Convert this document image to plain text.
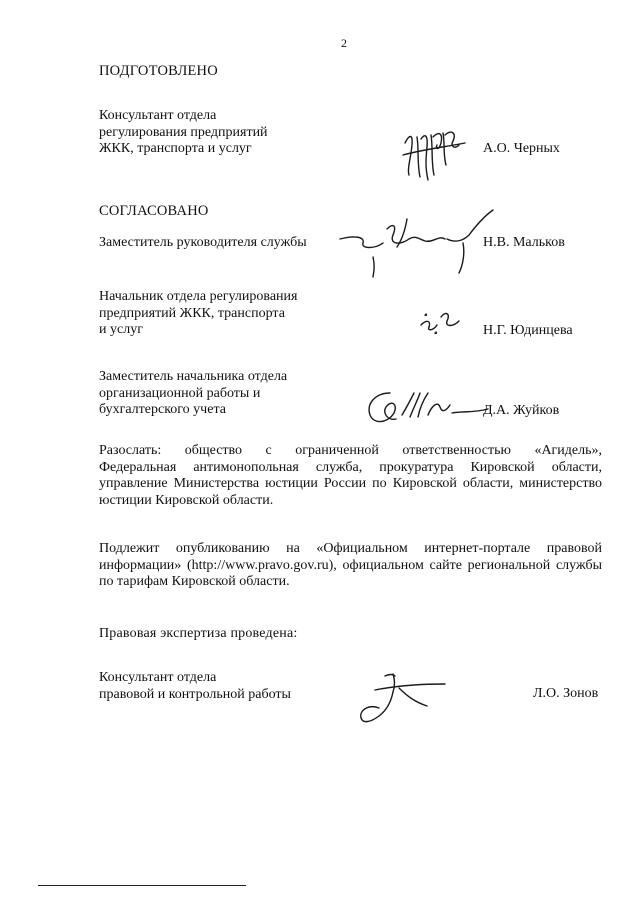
2
ПОДГОТОВЛЕНО
Консультант отдела
регулирования предприятий
ЖКК, транспорта и услуг	А.О. Черных
СОГЛАСОВАНО
Заместитель руководителя службы	Н.В. Мальков
Начальник отдела регулирования
предприятий ЖКК, транспорта
и услуг	Н.Г. Юдинцева
Заместитель начальника отдела
организационной работы и
бухгалтерского учета	Д.А. Жуйков
Разослать: общество с ограниченной ответственностью «Агидель»,
Федеральная антимонопольная служба, прокуратура Кировской области, управление Министерства юстиции России по Кировской области, министерство юстиции Кировской области.
Подлежит опубликованию на «Официальном интернет-портале правовой информации» (http://www.pravo.gov.ru), официальном сайте региональной службы по тарифам Кировской области.
Правовая экспертиза проведена:
Консультант отдела
правовой и контрольной работы	Л.О. Зонов
